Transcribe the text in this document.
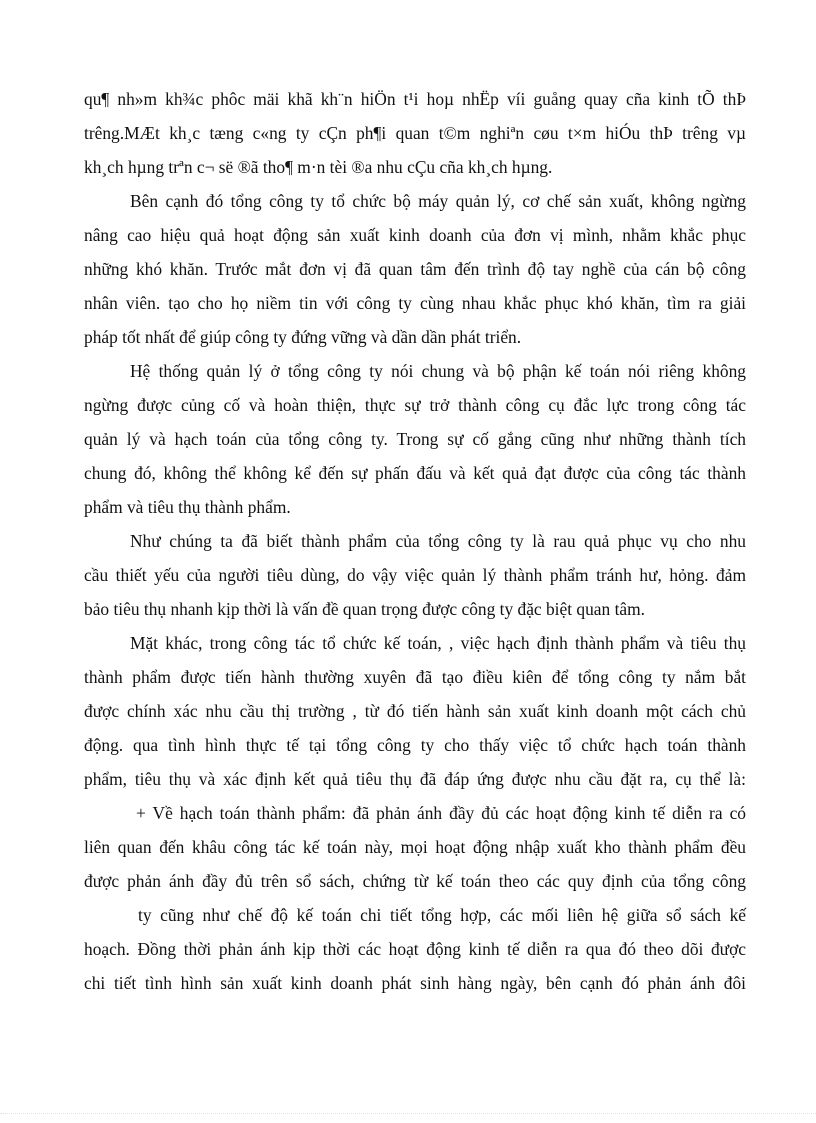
qu¶ nh»m kh¾c phôc mäi khã kh¨n hiÖn t¹i hoµ nhËp víi guång quay cña kinh tÕ thÞ
trêng.MÆt kh¸c tæng c«ng ty cÇn ph¶i quan t©m nghiªn cøu t×m hiÓu thÞ trêng vµ
kh¸ch hµng trªn c¬ së ®ã tho¶ m·n tèi ®a nhu cÇu cña kh¸ch hµng.
Bên cạnh đó tổng công ty tổ chức bộ máy quản lý, cơ chế sản xuất, không ngừng
nâng cao hiệu quả hoạt động sản xuất kinh doanh của đơn vị mình, nhằm khắc phục
những khó khăn. Trước mắt đơn vị đã quan tâm đến trình độ tay nghề của cán bộ công
nhân viên. tạo cho họ niềm tin với công ty cùng nhau khắc phục khó khăn, tìm ra giải
pháp tốt nhất để giúp công ty đứng vững và dần dần phát triển.
Hệ thống quản lý ở tổng công ty nói chung và bộ phận kế toán nói riêng không
ngừng được củng cố và hoàn thiện, thực sự trở thành công cụ đắc lực trong công tác
quản lý và hạch toán của tổng công ty. Trong sự cố gắng cũng như những thành tích
chung đó, không thể không kể đến sự phấn đấu và kết quả đạt được của công tác thành
phẩm và tiêu thụ thành phẩm.
Như chúng ta đã biết thành phẩm của tổng công ty là rau quả phục vụ cho nhu
cầu thiết yếu của người tiêu dùng, do vậy việc quản lý thành phẩm tránh hư, hỏng. đảm
bảo tiêu thụ nhanh kịp thời là vấn đề quan trọng được công ty đặc biệt quan tâm.
Mặt khác, trong công tác tổ chức kế toán, , việc hạch định thành phẩm và tiêu thụ
thành phẩm được tiến hành thường xuyên đã tạo điều kiên để tổng công ty nắm bắt
được chính xác nhu cầu thị trường , từ đó tiến hành sản xuất kinh doanh một cách chủ
động. qua tình hình thực tế tại tổng công ty cho thấy việc tổ chức hạch toán thành
phẩm, tiêu thụ và xác định kết quả tiêu thụ đã đáp ứng được nhu cầu đặt ra, cụ thể là:
+ Về hạch toán thành phẩm: đã phản ánh đầy đủ các hoạt động kinh tế diễn ra có
liên quan đến khâu công tác kế toán này, mọi hoạt động nhập xuất kho thành phẩm đều
được phản ánh đầy đủ trên sổ sách, chứng từ kế toán theo các quy định của tổng công
ty cũng như chế độ kế toán chi tiết tổng hợp, các mối liên hệ giữa sổ sách kế
hoạch. Đồng thời phản ánh kịp thời các hoạt động kinh tế diễn ra qua đó theo dõi được
chi tiết tình hình sản xuất kinh doanh phát sinh hàng ngày, bên cạnh đó phản ánh đôi
